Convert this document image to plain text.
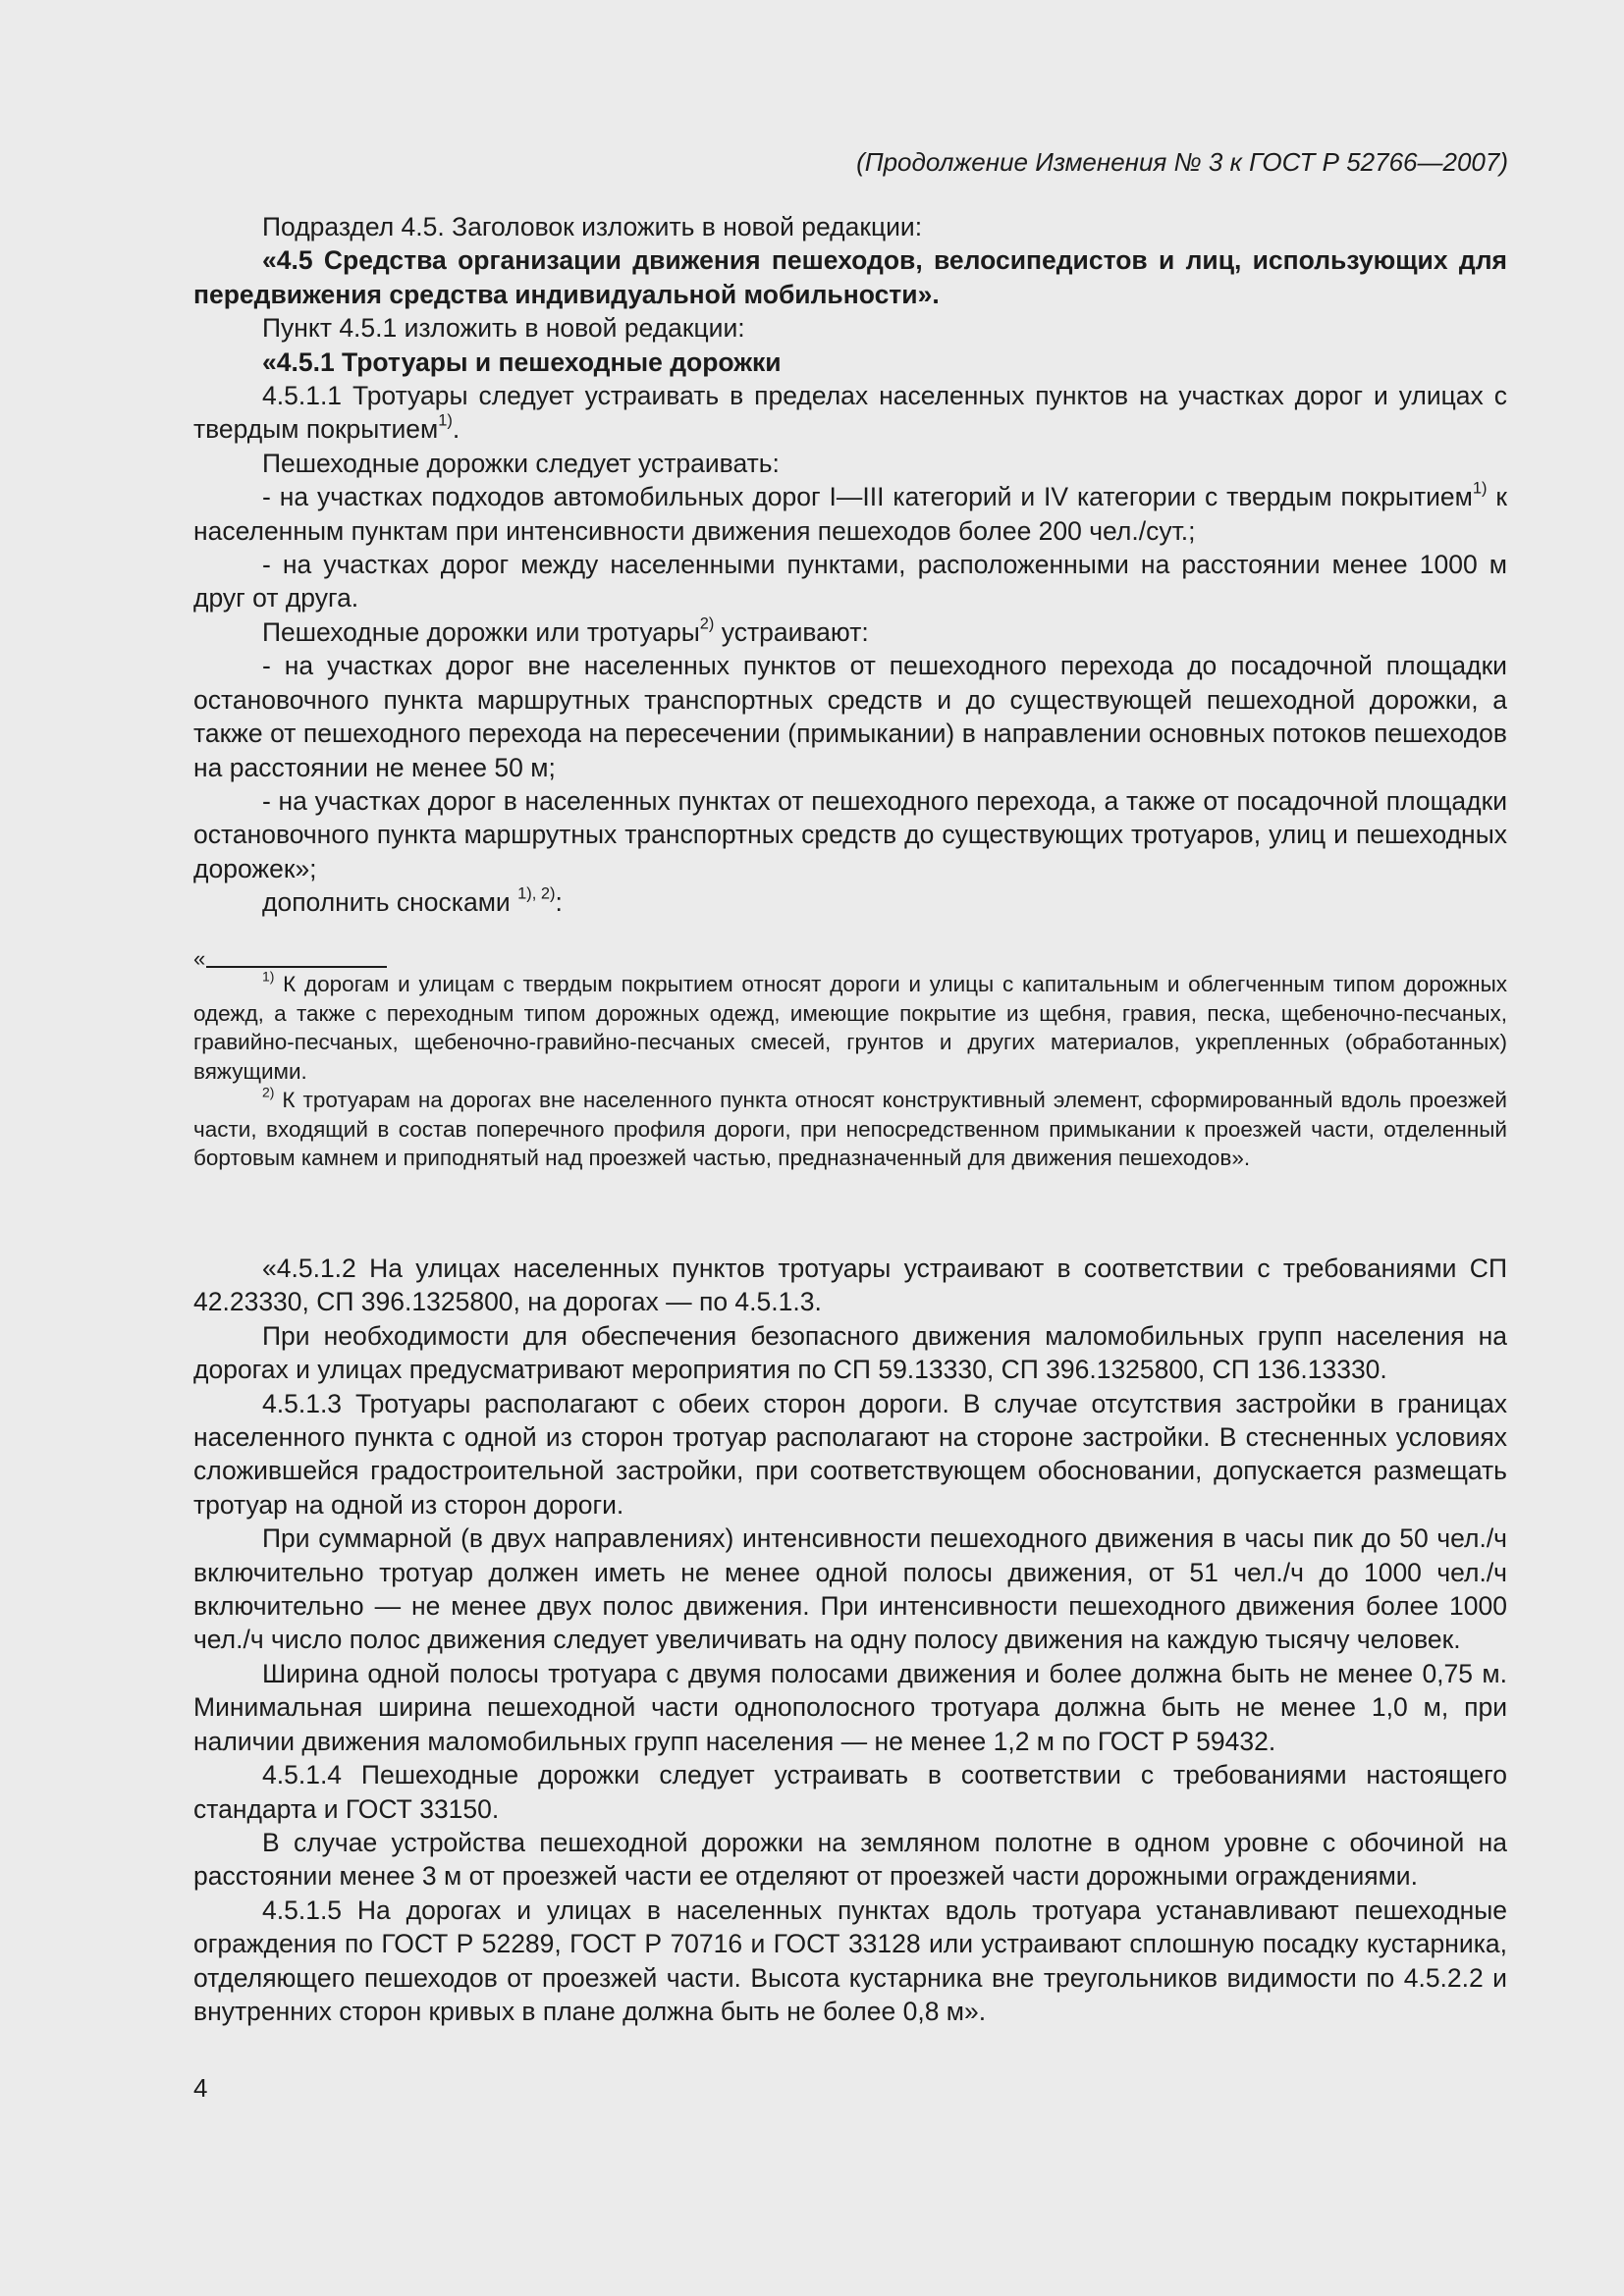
(Продолжение Изменения № 3 к ГОСТ Р 52766—2007)

Подраздел 4.5. Заголовок изложить в новой редакции:

«4.5 Средства организации движения пешеходов, велосипедистов и лиц, использующих для передвижения средства индивидуальной мобильности».

Пункт 4.5.1 изложить в новой редакции:

«4.5.1 Тротуары и пешеходные дорожки

4.5.1.1 Тротуары следует устраивать в пределах населенных пунктов на участках дорог и улицах с твердым покрытием$^{1)}$.

Пешеходные дорожки следует устраивать:

- на участках подходов автомобильных дорог I—III категорий и IV категории с твердым покрытием$^{1)}$ к населенным пунктам при интенсивности движения пешеходов более 200 чел./сут.;

- на участках дорог между населенными пунктами, расположенными на расстоянии менее 1000 м друг от друга.

Пешеходные дорожки или тротуары$^{2)}$ устраивают:

- на участках дорог вне населенных пунктов от пешеходного перехода до посадочной площадки остановочного пункта маршрутных транспортных средств и до существующей пешеходной дорожки, а также от пешеходного перехода на пересечении (примыкании) в направлении основных потоков пешеходов на расстоянии не менее 50 м;

- на участках дорог в населенных пунктах от пешеходного перехода, а также от посадочной площадки остановочного пункта маршрутных транспортных средств до существующих тротуаров, улиц и пешеходных дорожек»;

дополнить сносками $^{1), 2)}$:

«

$^{1)}$ К дорогам и улицам с твердым покрытием относят дороги и улицы с капитальным и облегченным типом дорожных одежд, а также с переходным типом дорожных одежд, имеющие покрытие из щебня, гравия, песка, щебеночно-песчаных, гравийно-песчаных, щебеночно-гравийно-песчаных смесей, грунтов и других материалов, укрепленных (обработанных) вяжущими.

$^{2)}$ К тротуарам на дорогах вне населенного пункта относят конструктивный элемент, сформированный вдоль проезжей части, входящий в состав поперечного профиля дороги, при непосредственном примыкании к проезжей части, отделенный бортовым камнем и приподнятый над проезжей частью, предназначенный для движения пешеходов».

«4.5.1.2 На улицах населенных пунктов тротуары устраивают в соответствии с требованиями СП 42.23330, СП 396.1325800, на дорогах — по 4.5.1.3.

При необходимости для обеспечения безопасного движения маломобильных групп населения на дорогах и улицах предусматривают мероприятия по СП 59.13330, СП 396.1325800, СП 136.13330.

4.5.1.3 Тротуары располагают с обеих сторон дороги. В случае отсутствия застройки в границах населенного пункта с одной из сторон тротуар располагают на стороне застройки. В стесненных условиях сложившейся градостроительной застройки, при соответствующем обосновании, допускается размещать тротуар на одной из сторон дороги.

При суммарной (в двух направлениях) интенсивности пешеходного движения в часы пик до 50 чел./ч включительно тротуар должен иметь не менее одной полосы движения, от 51 чел./ч до 1000 чел./ч включительно — не менее двух полос движения. При интенсивности пешеходного движения более 1000 чел./ч число полос движения следует увеличивать на одну полосу движения на каждую тысячу человек.

Ширина одной полосы тротуара с двумя полосами движения и более должна быть не менее 0,75 м. Минимальная ширина пешеходной части однополосного тротуара должна быть не менее 1,0 м, при наличии движения маломобильных групп населения — не менее 1,2 м по ГОСТ Р 59432.

4.5.1.4 Пешеходные дорожки следует устраивать в соответствии с требованиями настоящего стандарта и ГОСТ 33150.

В случае устройства пешеходной дорожки на земляном полотне в одном уровне с обочиной на расстоянии менее 3 м от проезжей части ее отделяют от проезжей части дорожными ограждениями.

4.5.1.5 На дорогах и улицах в населенных пунктах вдоль тротуара устанавливают пешеходные ограждения по ГОСТ Р 52289, ГОСТ Р 70716 и ГОСТ 33128 или устраивают сплошную посадку кустарника, отделяющего пешеходов от проезжей части. Высота кустарника вне треугольников видимости по 4.5.2.2 и внутренних сторон кривых в плане должна быть не более 0,8 м».

4
